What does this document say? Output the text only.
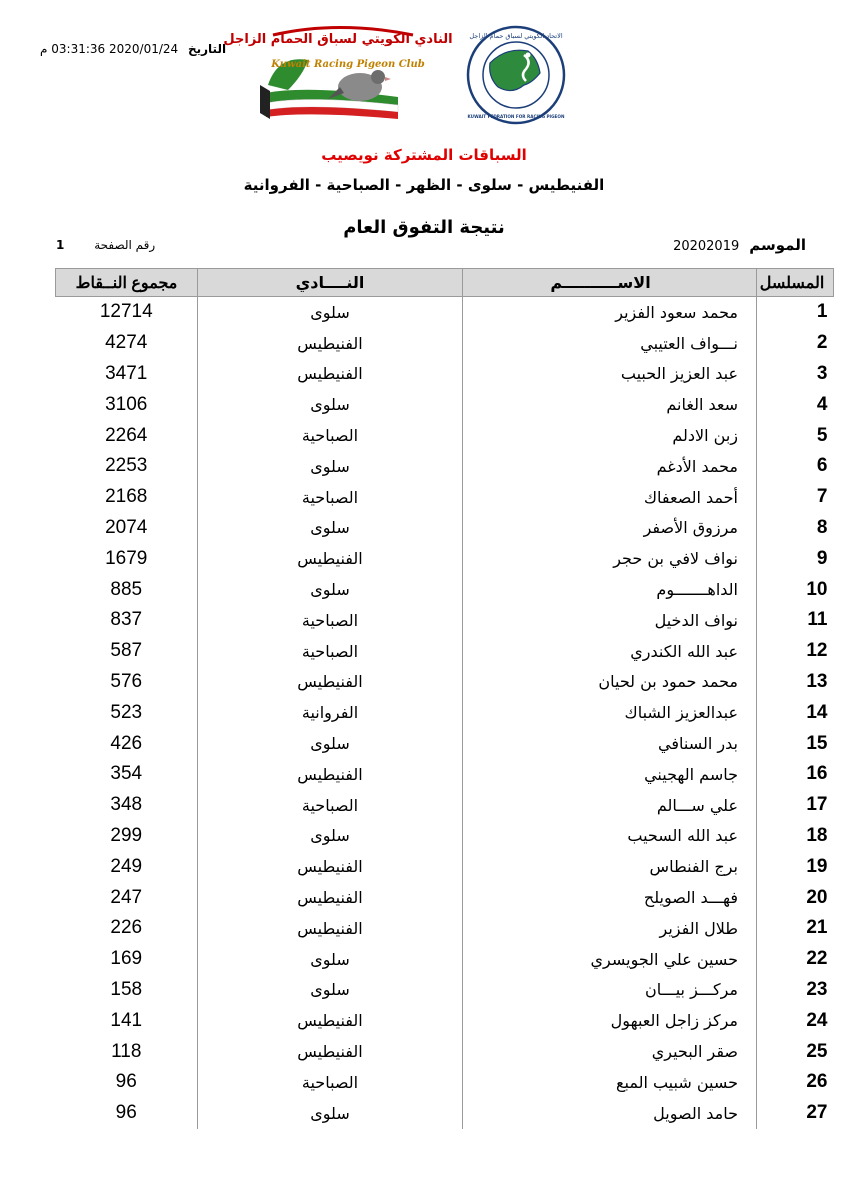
التاريخ 2020/01/24 03:31:36 م
النادي الكويتي لسباق الحمام الزاجل
Kuwait Racing Pigeon Club
الاتحاد الكويتي لسباق حمام الزاجل
KUWAIT FEDRATION FOR RACING PIGEON
السباقات المشتركة نويصيب
الفنيطيس - سلوى - الظهر - الصباحية - الفروانية
نتيجة التفوق العام
الموسم20202019
رقم الصفحة 1
مجموع النــقاط	النــــادي	الاســــــــــم	المسلسل
12714	سلوى	محمد سعود الفزير	1
4274	الفنيطيس	نـــواف العتيبي	2
3471	الفنيطيس	عبد العزيز الحبيب	3
3106	سلوى	سعد الغانم	4
2264	الصباحية	زبن الادلم	5
2253	سلوى	محمد الأدغم	6
2168	الصباحية	أحمد الصعفاك	7
2074	سلوى	مرزوق الأصفر	8
1679	الفنيطيس	نواف لافي بن حجر	9
885	سلوى	الداهـــــــوم	10
837	الصباحية	نواف الدخيل	11
587	الصباحية	عبد الله الكندري	12
576	الفنيطيس	محمد حمود بن لحيان	13
523	الفروانية	عبدالعزيز الشباك	14
426	سلوى	بدر السنافي	15
354	الفنيطيس	جاسم الهجيني	16
348	الصباحية	علي ســـالم	17
299	سلوى	عبد الله السحيب	18
249	الفنيطيس	برج الفنطاس	19
247	الفنيطيس	فهـــد الصويلح	20
226	الفنيطيس	طلال الفزير	21
169	سلوى	حسين علي الجويسري	22
158	سلوى	مركـــز بيـــان	23
141	الفنيطيس	مركز زاجل العبهول	24
118	الفنيطيس	صقر البحيري	25
96	الصباحية	حسين شبيب المبع	26
96	سلوى	حامد الصويل	27
